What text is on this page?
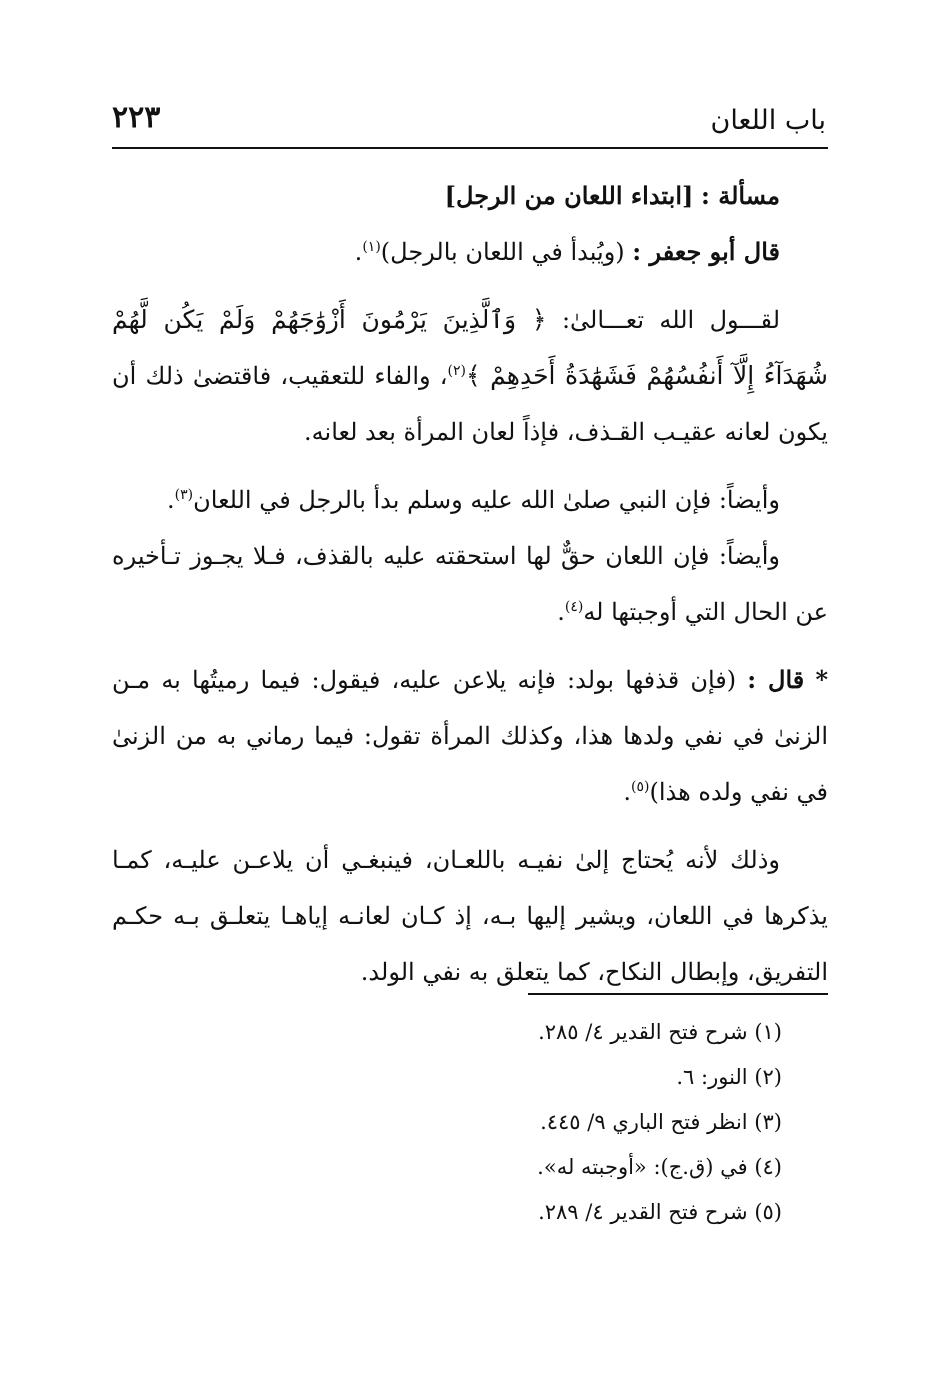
باب اللعان
٢٢٣

مسألة : [ابتداء اللعان من الرجل]

قال أبو جعفر : (ويُبدأ في اللعان بالرجل)$^{(١)}$.

لقـــول الله تعـــالىٰ: ﴿ وَٱلَّذِينَ يَرْمُونَ أَزْوَٰجَهُمْ وَلَمْ يَكُن لَّهُمْ شُهَدَآءُ إِلَّآ أَنفُسُهُمْ فَشَهَٰدَةُ أَحَدِهِمْ ﴾$^{(٢)}$، والفاء للتعقيب، فاقتضىٰ ذلك أن يكون لعانه عقيـب القـذف، فإذاً لعان المرأة بعد لعانه.

وأيضاً: فإن النبي صلىٰ الله عليه وسلم بدأ بالرجل في اللعان$^{(٣)}$.

وأيضاً: فإن اللعان حقٌّ لها استحقته عليه بالقذف، فـلا يجـوز تـأخيره عن الحال التي أوجبتها له$^{(٤)}$.

* قال : (فإن قذفها بولد: فإنه يلاعن عليه، فيقول: فيما رميتُها به مـن الزنىٰ في نفي ولدها هذا، وكذلك المرأة تقول: فيما رماني به من الزنىٰ في نفي ولده هذا)$^{(٥)}$.

وذلك لأنه يُحتاج إلىٰ نفيـه باللعـان، فينبغـي أن يلاعـن عليـه، كمـا يذكرها في اللعان، ويشير إليها بـه، إذ كـان لعانـه إياهـا يتعلـق بـه حكـم التفريق، وإبطال النكاح، كما يتعلق به نفي الولد.

(١) شرح فتح القدير ٤/ ٢٨٥.
(٢) النور: ٦.
(٣) انظر فتح الباري ٩/ ٤٤٥.
(٤) في (ق.ج): «أوجبته له».
(٥) شرح فتح القدير ٤/ ٢٨٩.
